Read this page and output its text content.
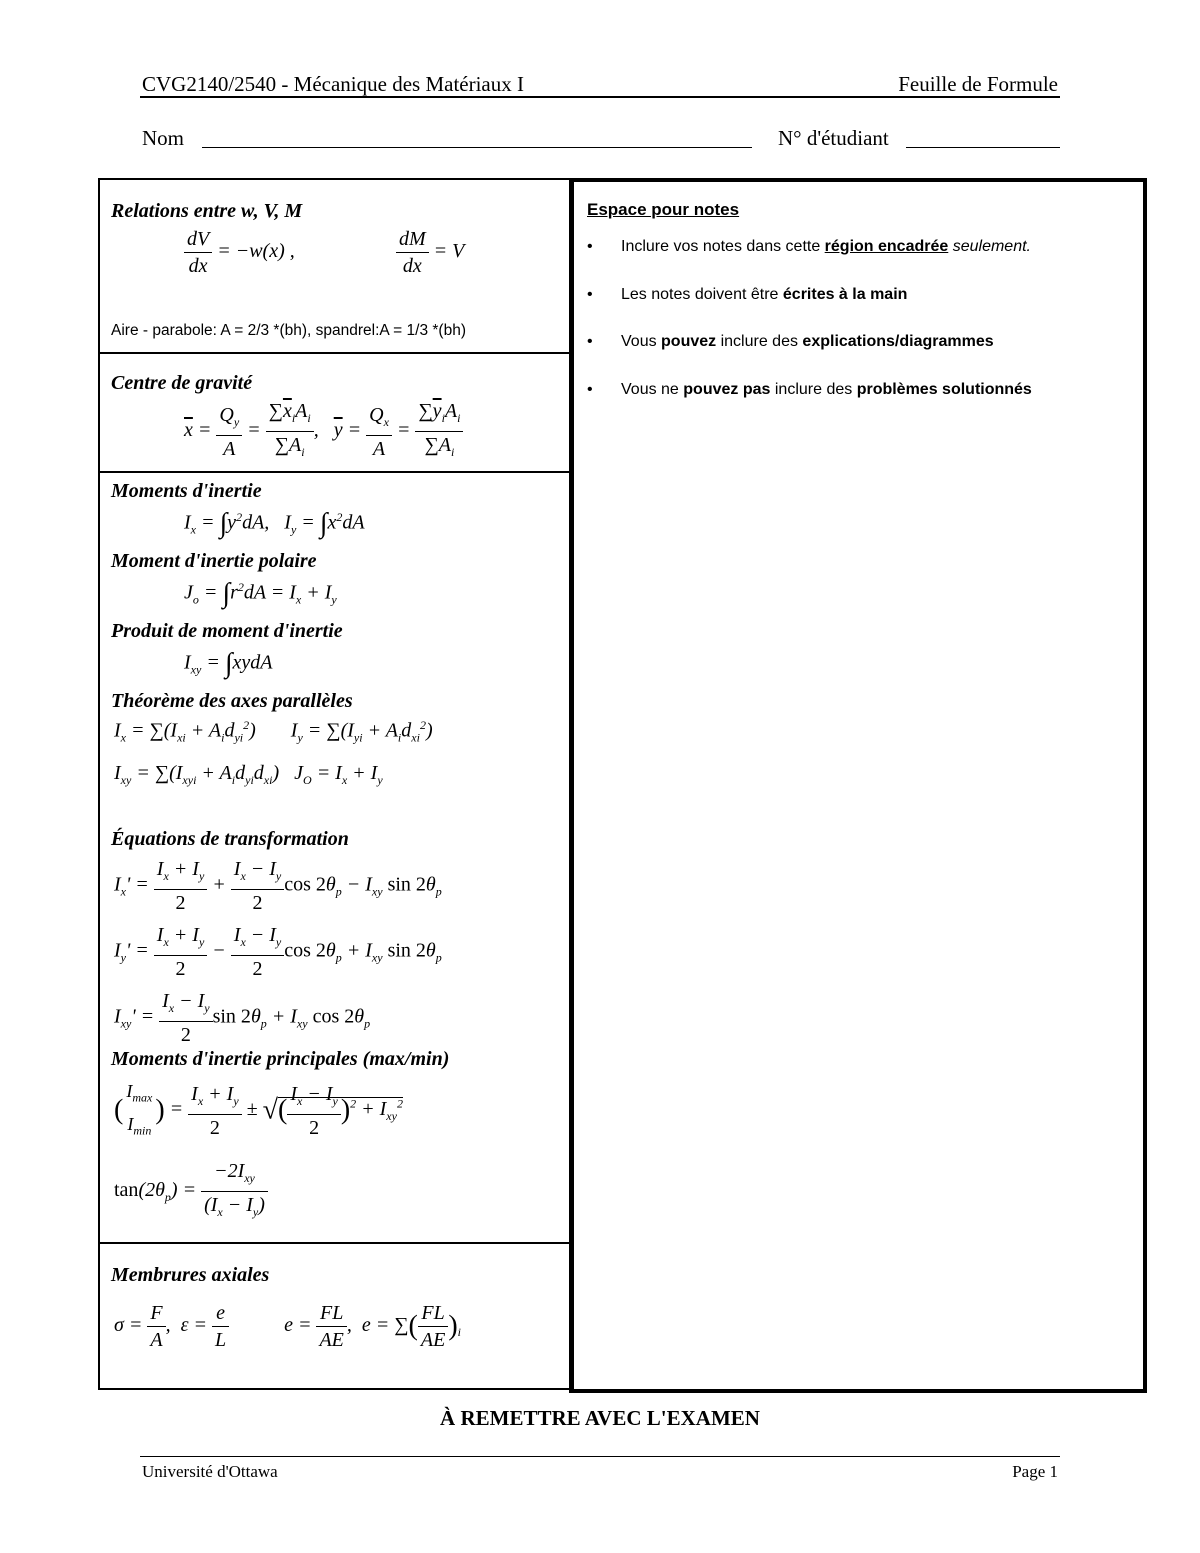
CVG2140/2540 - Mécanique des Matériaux I	Feuille de Formule
Nom	N° d'étudiant
Relations entre w, V, M
$\frac{dV}{dx} = -w(x)$ ,	$\frac{dM}{dx} = V$
Aire - parabole: A = 2/3 *(bh), spandrel:A = 1/3 *(bh)
Centre de gravité
$\overline{x} = \frac{Q_y}{A} = \frac{\sum\overline{x}_iA_i}{\sum A_i}$ ,   $\overline{y} = \frac{Q_x}{A} = \frac{\sum\overline{y}_iA_i}{\sum A_i}$
Moments d'inertie
$I_x = \int y^2dA$,   $I_y = \int x^2dA$
Moment d'inertie polaire
$J_o = \int r^2dA = I_x + I_y$
Produit de moment d'inertie
$I_{xy}$ = ∫xydA
Théorème des axes parallèles
$I_x = \sum(I_{xi} + A_id_{yi}^2)$       $I_y = \sum(I_{yi} + A_id_{xi}^2)$
$I_{xy} = \sum(I_{xyi} + A_id_{yi}d_{xi}) J_O = I_x + I_y$
Équations de transformation
$I_x' = \frac{I_x + I_y}{2} + \frac{I_x - I_y}{2}$ $\cos 2\theta_p - I_{xy}$ $\sin 2\theta_p$
$I_y' = \frac{I_x + I_y}{2} - \frac{I_x - I_y}{2}$ $\cos 2\theta_p + I_{xy}$ $\sin 2\theta_p$
$I_{xy}' = \frac{I_x - I_y}{2}$ $\sin 2\theta_p + I_{xy}$ $\cos 2\theta_p$
Moments d'inertie principales (max/min)
(
$I_{max}$
$I_{min}$
) = $\frac{I_x + I_y}{2}$ ± √( $\frac{I_x - I_y}{2} )^2 + I_{xy}^2$
$\tan(2\theta_p) = \frac{-2I_{xy}}{(I_x - I_y)}$
Membrures axiales
$\sigma = \frac{F}{A}$ ,  $\varepsilon = \frac{e}{L}$ $e = \frac{FL}{AE}$ ,  e = ∑( $\frac{FL}{AE} )_i$
Espace pour notes
• Inclure vos notes dans cette région encadrée seulement.
• Les notes doivent être écrites à la main
• Vous pouvez inclure des explications/diagrammes
• Vous ne pouvez pas inclure des problèmes solutionnés
À REMETTRE AVEC L'EXAMEN
Université d'Ottawa	Page 1
